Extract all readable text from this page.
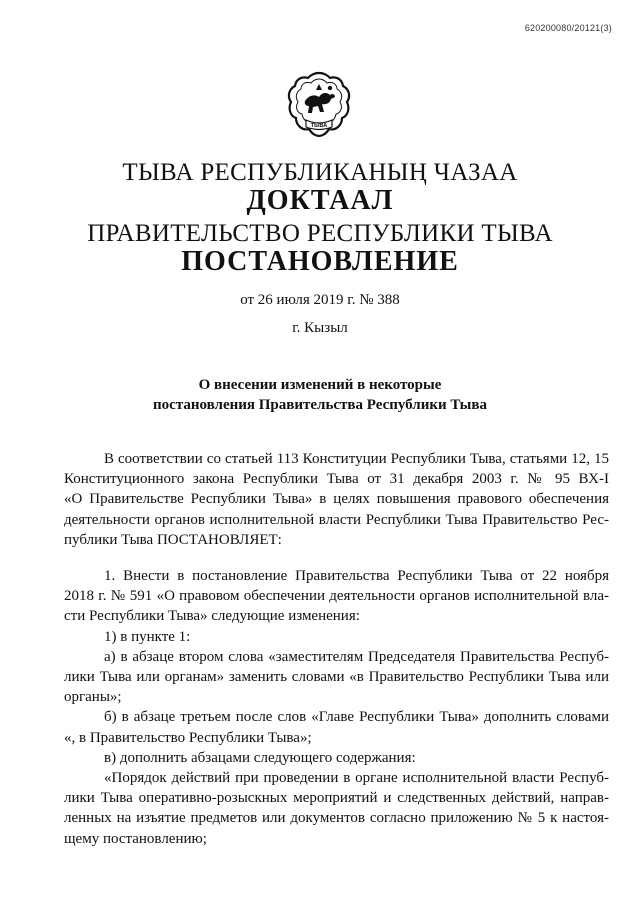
620200080/20121(3)
ТЫВА
ТЫВА РЕСПУБЛИКАНЫҢ ЧАЗАА
ДОКТААЛ
ПРАВИТЕЛЬСТВО РЕСПУБЛИКИ ТЫВА
ПОСТАНОВЛЕНИЕ
от 26 июля 2019 г. № 388
г. Кызыл
О внесении изменений в некоторые
постановления Правительства Республики Тыва

В соответствии со статьей 113 Конституции Республики Тыва, статьями 12, 15

Конституционного закона Республики Тыва от 31 декабря 2003 г. № 95 ВХ-I

«О Правительстве Республики Тыва» в целях повышения правового обеспечения

деятельности органов исполнительной власти Республики Тыва Правительство Рес-

публики Тыва ПОСТАНОВЛЯЕТ:

1. Внести в постановление Правительства Республики Тыва от 22 ноября

2018 г. № 591 «О правовом обеспечении деятельности органов исполнительной вла-

сти Республики Тыва» следующие изменения:

1) в пункте 1:

а) в абзаце втором слова «заместителям Председателя Правительства Респуб-

лики Тыва или органам» заменить словами «в Правительство Республики Тыва или

органы»;

б) в абзаце третьем после слов «Главе Республики Тыва» дополнить словами

«, в Правительство Республики Тыва»;

в) дополнить абзацами следующего содержания:

«Порядок действий при проведении в органе исполнительной власти Респуб-

лики Тыва оперативно-розыскных мероприятий и следственных действий, направ-

ленных на изъятие предметов или документов согласно приложению № 5 к настоя-

щему постановлению;
